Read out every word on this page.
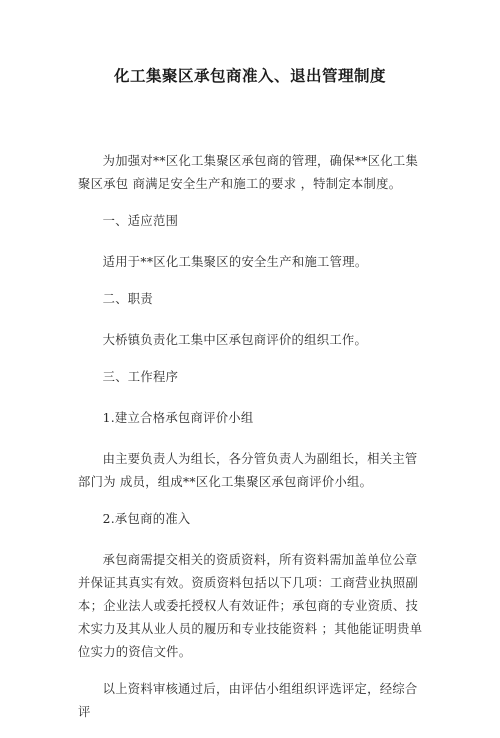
化工集聚区承包商准入、退出管理制度

为加强对**区化工集聚区承包商的管理，确保**区化工集聚区承包 商满足安全生产和施工的要求 ，特制定本制度。

一、适应范围

适用于**区化工集聚区的安全生产和施工管理。

二、职责

大桥镇负责化工集中区承包商评价的组织工作。

三、工作程序

1.建立合格承包商评价小组

由主要负责人为组长，各分管负责人为副组长，相关主管部门为 成员，组成**区化工集聚区承包商评价小组。

2.承包商的准入

承包商需提交相关的资质资料，所有资料需加盖单位公章并保证其真实有效。资质资料包括以下几项：工商营业执照副本；企业法人或委托授权人有效证件；承包商的专业资质、技术实力及其从业人员的履历和专业技能资料 ；其他能证明贵单位实力的资信文件。

以上资料审核通过后，由评估小组组织评选评定，经综合评
